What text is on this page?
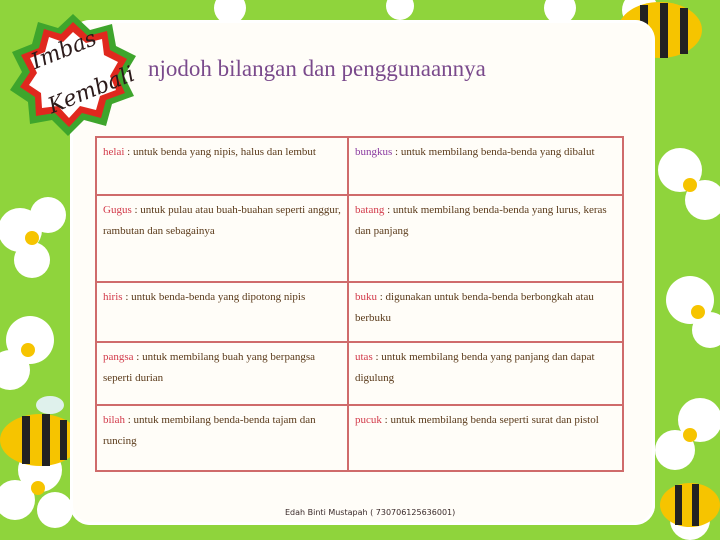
Imbas
Kembali njodoh bilangan dan penggunaannya
helai : untuk benda yang nipis, halus dan lembut	bungkus : untuk membilang benda-benda yang dibalut
Gugus : untuk pulau atau buah-buahan seperti anggur, rambutan dan sebagainya	batang : untuk membilang benda-benda yang lurus, keras dan panjang
hiris : untuk benda-benda yang dipotong nipis	buku : digunakan untuk benda-benda berbongkah atau berbuku
pangsa : untuk membilang buah yang berpangsa seperti durian	utas : untuk membilang benda yang panjang dan dapat digulung
bilah : untuk membilang benda-benda tajam dan runcing	pucuk : untuk membilang benda seperti surat dan pistol
Edah Binti Mustapah ( 730706125636001)
